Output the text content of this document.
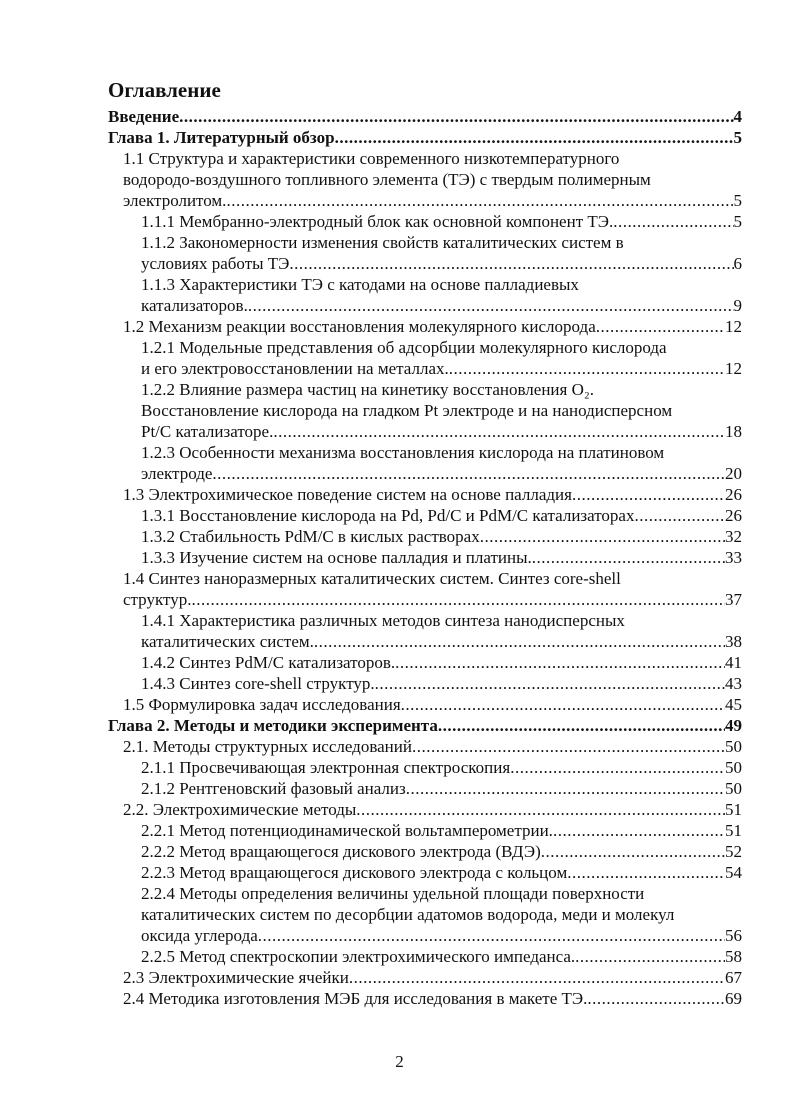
Оглавление
Введение .....	4
Глава 1. Литературный обзор .....	5
1.1 Структура и характеристики современного низкотемпературного
водородо-воздушного топливного элемента (ТЭ) с твердым полимерным
электролитом. .....	5
1.1.1 Мембранно-электродный блок как основной компонент ТЭ. .....	5
1.1.2 Закономерности изменения свойств каталитических систем в
условиях работы ТЭ .....	6
1.1.3 Характеристики ТЭ с катодами на основе палладиевых
катализаторов. .....	9
1.2 Механизм реакции восстановления молекулярного кислорода .....	12
1.2.1 Модельные представления об адсорбции молекулярного кислорода
и его электровосстановлении на металлах. .....	12
1.2.2 Влияние размера частиц на кинетику восстановления O₂.
Восстановление кислорода на гладком Pt электроде и на нанодисперсном
Pt/C катализаторе. .....	18
1.2.3 Особенности механизма восстановления кислорода на платиновом
электроде .....	20
1.3 Электрохимическое поведение систем на основе палладия .....	26
1.3.1 Восстановление кислорода на Pd, Pd/C и PdM/C катализаторах .....	26
1.3.2 Стабильность PdM/C в кислых растворах .....	32
1.3.3 Изучение систем на основе палладия и платины. .....	33
1.4 Синтез наноразмерных каталитических систем. Синтез core-shell
структур. .....	37
1.4.1 Характеристика различных методов синтеза нанодисперсных
каталитических систем. .....	38
1.4.2 Синтез PdM/C катализаторов. .....	41
1.4.3 Синтез core-shell структур. .....	43
1.5 Формулировка задач исследования .....	45
Глава 2. Методы и методики эксперимента .....	49
2.1. Методы структурных исследований .....	50
2.1.1 Просвечивающая электронная спектроскопия .....	50
2.1.2 Рентгеновский фазовый анализ .....	50
2.2. Электрохимические методы .....	51
2.2.1 Метод потенциодинамической вольтамперометрии. .....	51
2.2.2 Метод вращающегося дискового электрода (ВДЭ) .....	52
2.2.3 Метод вращающегося дискового электрода с кольцом .....	54
2.2.4 Методы определения величины удельной площади поверхности
каталитических систем по десорбции адатомов водорода, меди и молекул
оксида углерода .....	56
2.2.5 Метод спектроскопии электрохимического импеданса. .....	58
2.3 Электрохимические ячейки .....	67
2.4 Методика изготовления МЭБ для исследования в макете ТЭ. .....	69
2
